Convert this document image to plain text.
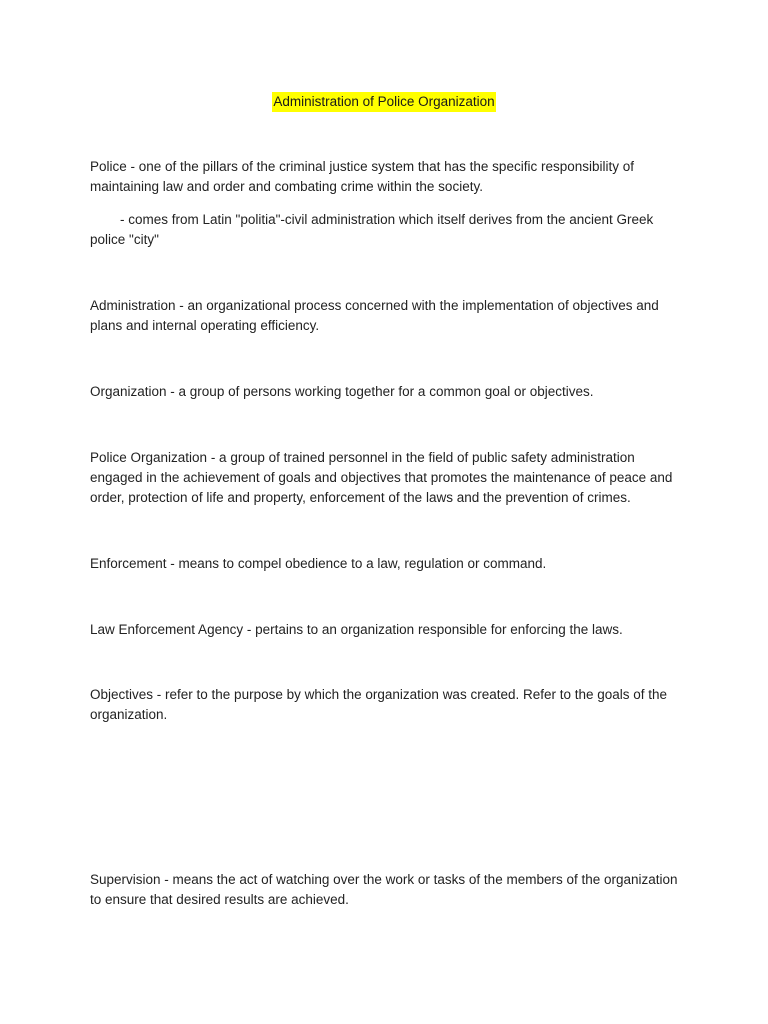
Administration of Police Organization

Police - one of the pillars of the criminal justice system that has the specific responsibility of maintaining law and order and combating crime within the society.

- comes from Latin "politia"-civil administration which itself derives from the ancient Greek police "city"

Administration - an organizational process concerned with the implementation of objectives and plans and internal operating efficiency.

Organization - a group of persons working together for a common goal or objectives.

Police Organization - a group of trained personnel in the field of public safety administration engaged in the achievement of goals and objectives that promotes the maintenance of peace and order, protection of life and property, enforcement of the laws and the prevention of crimes.

Enforcement - means to compel obedience to a law, regulation or command.

Law Enforcement Agency - pertains to an organization responsible for enforcing the laws.

Objectives - refer to the purpose by which the organization was created. Refer to the goals of the organization.

Supervision - means the act of watching over the work or tasks of the members of the organization to ensure that desired results are achieved.
